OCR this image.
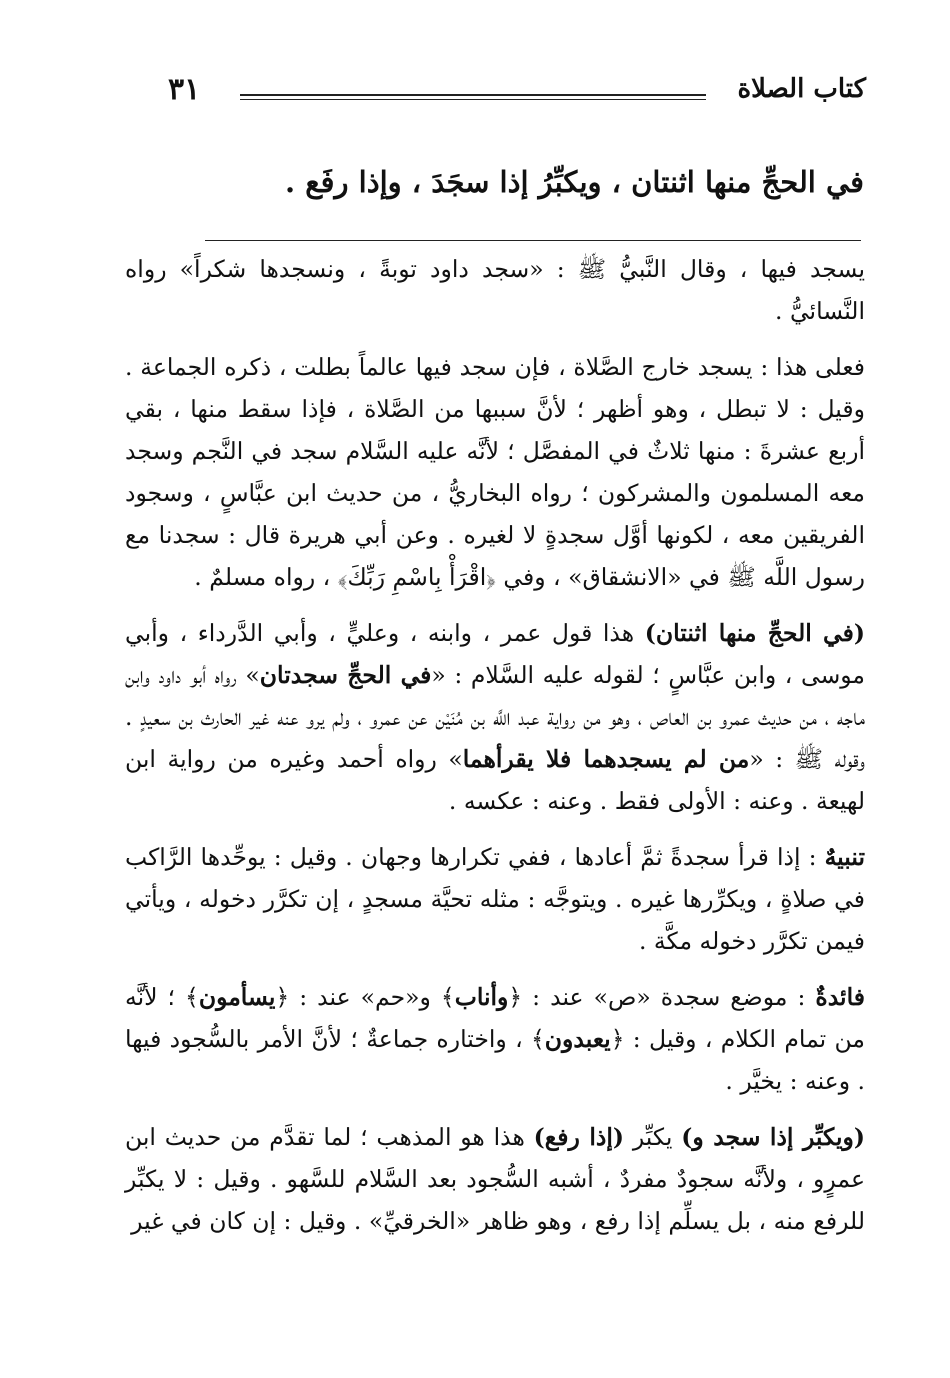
٣١	كتاب الصلاة
في الحجِّ منها اثنتان ، ويكبِّرُ إذا سجَدَ ، وإذا رفَع .

يسجد فيها ، وقال النَّبيُّ ﷺ : «سجد داود توبةً ، ونسجدها شكراً» رواه النَّسائيُّ .

فعلى هذا : يسجد خارج الصَّلاة ، فإن سجد فيها عالماً بطلت ، ذكره الجماعة . وقيل : لا تبطل ، وهو أظهر ؛ لأنَّ سببها من الصَّلاة ، فإذا سقط منها ، بقي أربع عشرةَ : منها ثلاثٌ في المفصَّل ؛ لأنَّه عليه السَّلام سجد في النَّجم وسجد معه المسلمون والمشركون ؛ رواه البخاريُّ ، من حديث ابن عبَّاسٍ ، وسجود الفريقين معه ، لكونها أوَّل سجدةٍ لا لغيره . وعن أبي هريرة قال : سجدنا مع رسول اللَّه ﷺ في «الانشقاق» ، وفي ﴿اقْرَأْ بِاسْمِ رَبِّكَ﴾ ، رواه مسلمٌ .

(في الحجِّ منها اثنتان) هذا قول عمر ، وابنه ، وعليٍّ ، وأبي الدَّرداء ، وأبي موسى ، وابن عبَّاسٍ ؛ لقوله عليه السَّلام : «في الحجِّ سجدتان» رواه أبو داود وابن ماجه ، من حديث عمرو بن العاص ، وهو من رواية عبد اللَّه بن مُنَيْن عن عمرو ، ولم يرو عنه غير الحارث بن سعيدٍ . وقوله ﷺ : «من لم يسجدهما فلا يقرأهما» رواه أحمد وغيره من رواية ابن لهيعة . وعنه : الأولى فقط . وعنه : عكسه .

تنبيهٌ : إذا قرأ سجدةً ثمَّ أعادها ، ففي تكرارها وجهان . وقيل : يوحِّدها الرَّاكب في صلاةٍ ، ويكرِّرها غيره . ويتوجَّه : مثله تحيَّة مسجدٍ ، إن تكرَّر دخوله ، ويأتي فيمن تكرَّر دخوله مكَّة .

فائدةٌ : موضع سجدة «ص» عند : ﴿وأناب﴾ و«حم» عند : ﴿يسأمون﴾ ؛ لأنَّه من تمام الكلام ، وقيل : ﴿يعبدون﴾ ، واختاره جماعةٌ ؛ لأنَّ الأمر بالسُّجود فيها . وعنه : يخيَّر .

(ويكبِّر إذا سجد و) يكبِّر (إذا رفع) هذا هو المذهب ؛ لما تقدَّم من حديث ابن عمرٍو ، ولأنَّه سجودٌ مفردٌ ، أشبه السُّجود بعد السَّلام للسَّهو . وقيل : لا يكبِّر للرفع منه ، بل يسلِّم إذا رفع ، وهو ظاهر «الخرقيِّ» . وقيل : إن كان في غير
